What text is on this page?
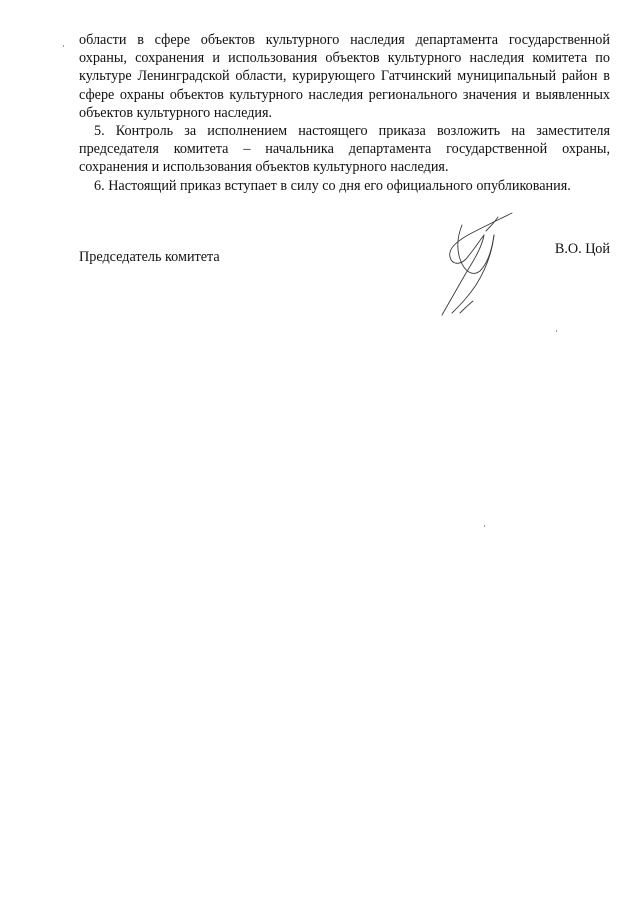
области в сфере объектов культурного наследия департамента государственной охраны, сохранения и использования объектов культурного наследия комитета по культуре Ленинградской области, курирующего Гатчинский муниципальный район в сфере охраны объектов культурного наследия регионального значения и выявленных объектов культурного наследия.

5. Контроль за исполнением настоящего приказа возложить на заместителя председателя комитета – начальника департамента государственной охраны, сохранения и использования объектов культурного наследия.

6. Настоящий приказ вступает в силу со дня его официального опубликования.

Председатель комитета	В.О. Цой
